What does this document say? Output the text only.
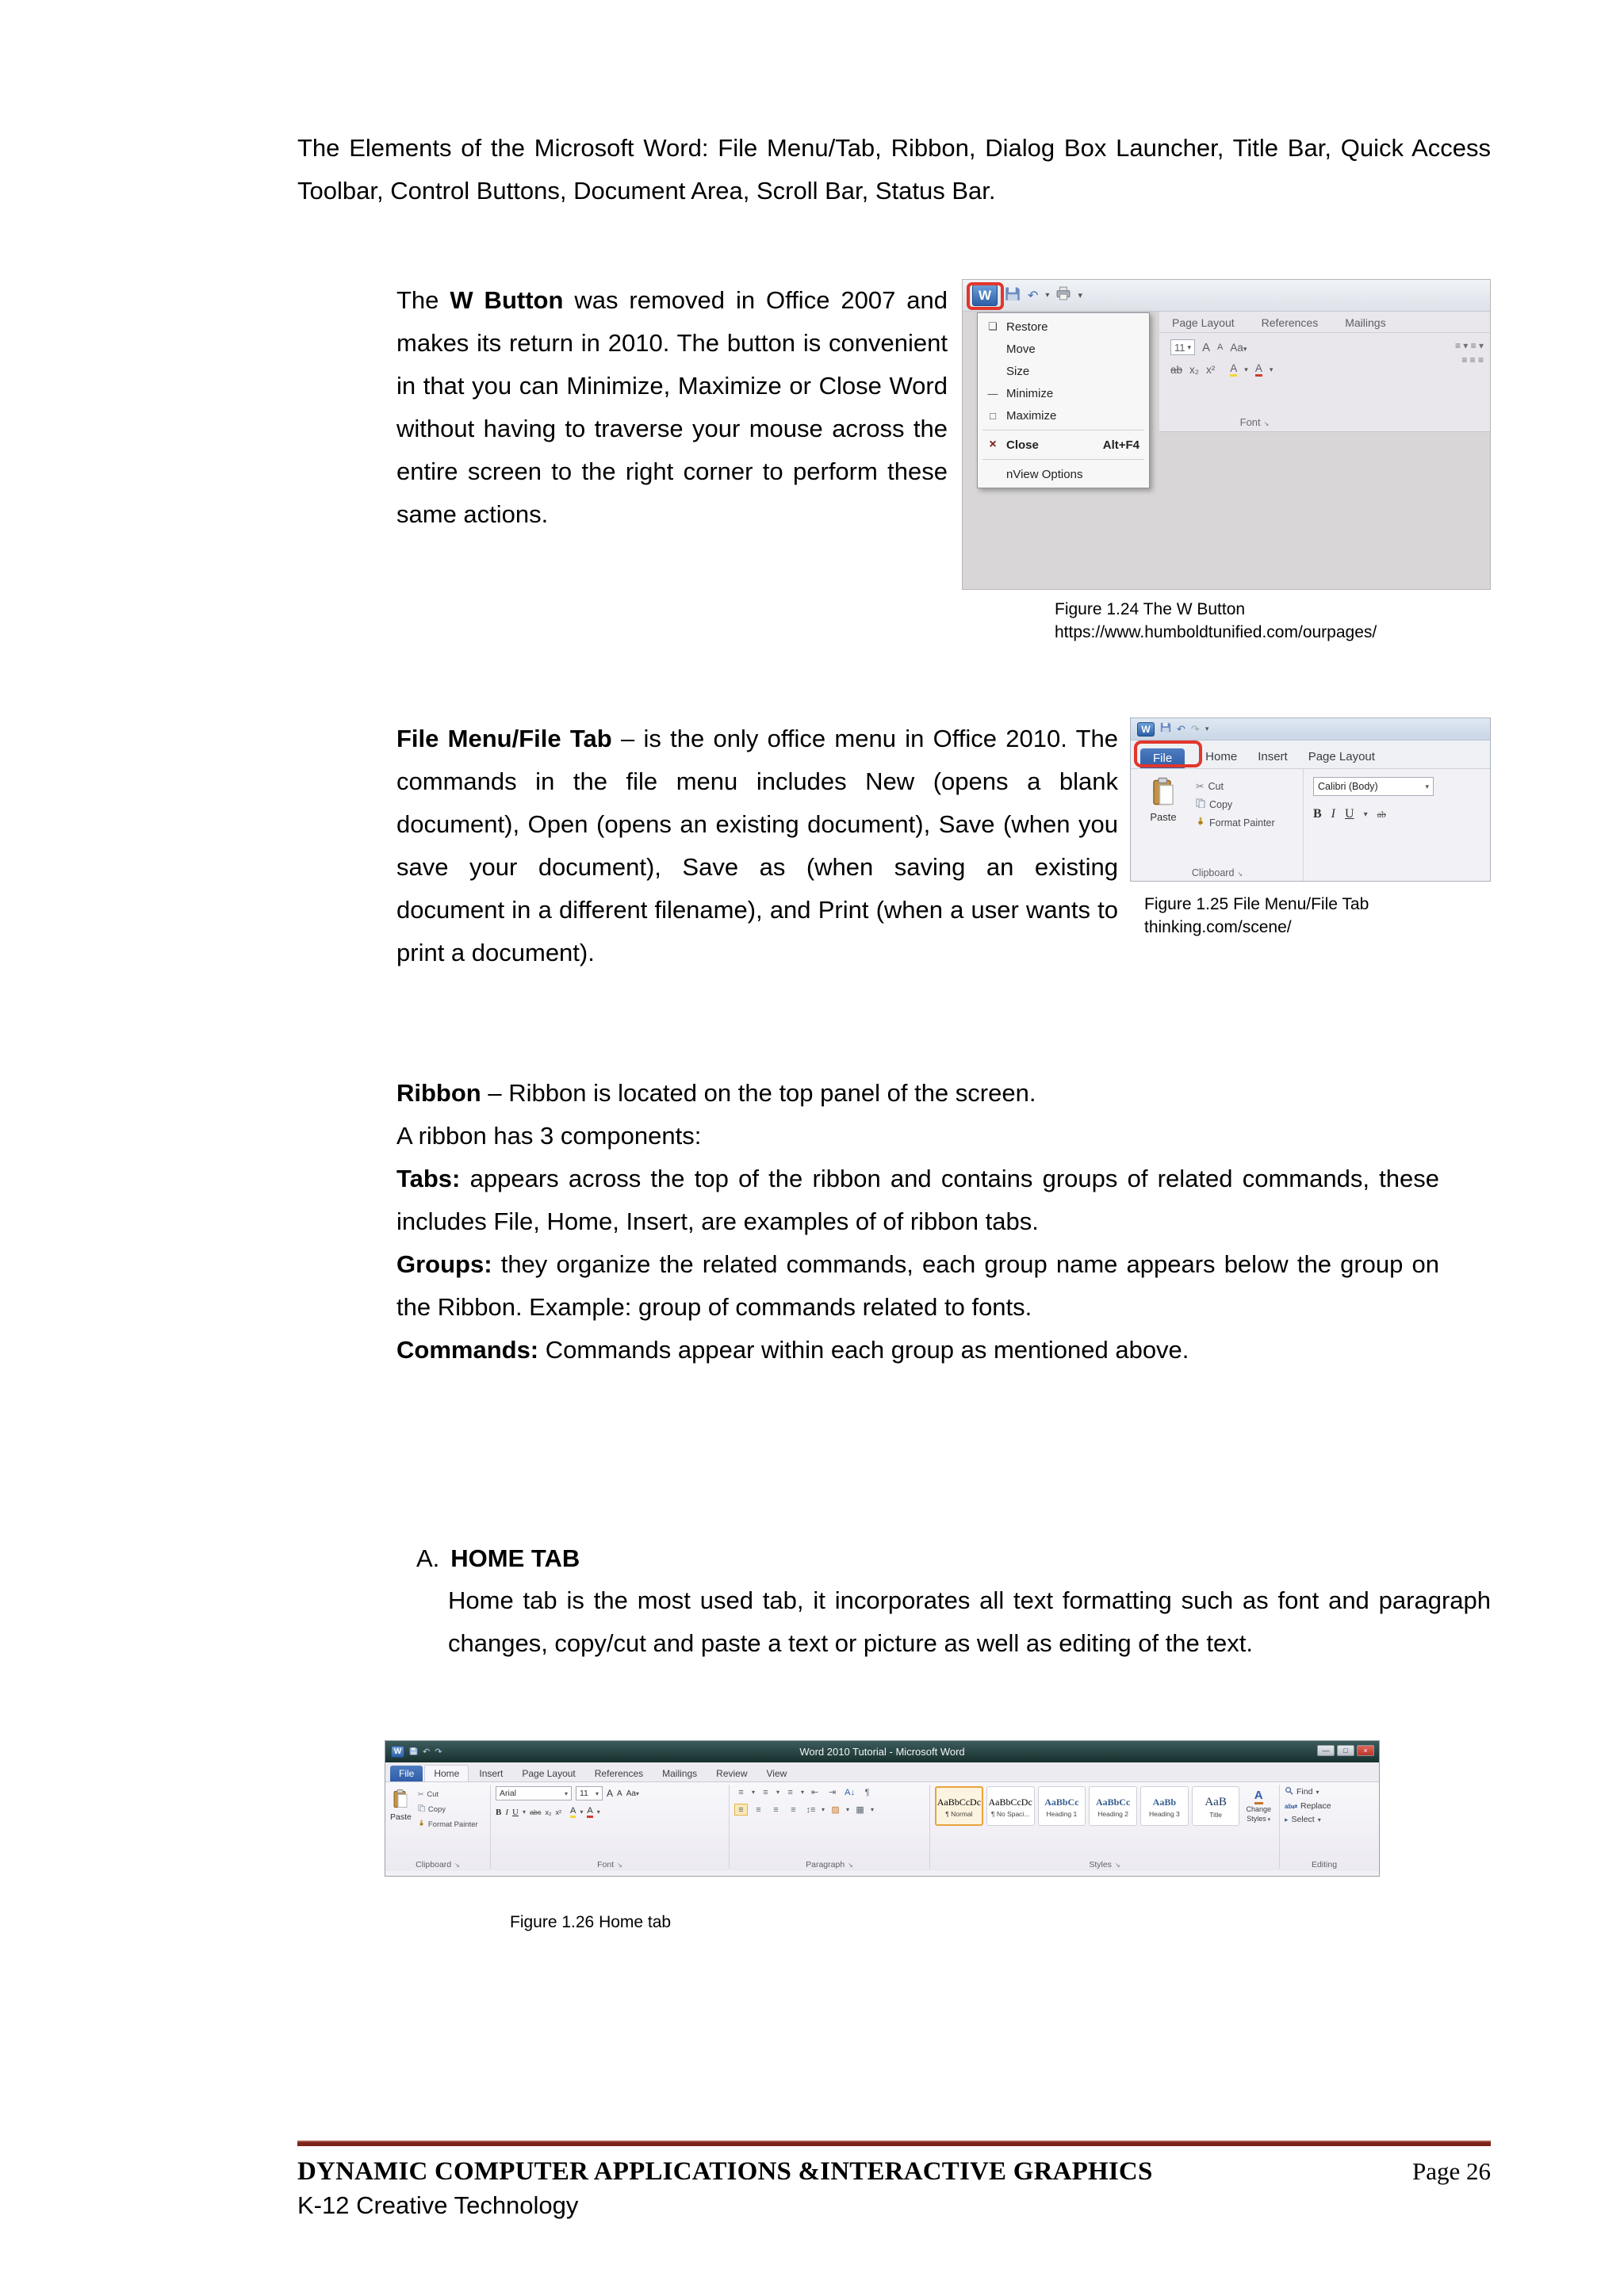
The Elements of the Microsoft Word: File Menu/Tab, Ribbon, Dialog Box Launcher, Title Bar, Quick Access Toolbar, Control Buttons, Document Area, Scroll Bar, Status Bar.

The W Button was removed in Office 2007 and makes its return in 2010. The button is convenient in that you can Minimize, Maximize or Close Word without having to traverse your mouse across the entire screen to the right corner to perform these same actions.

W	↶ ▾	▾
Page Layout References Mailings
11 ▾ A A Aa▾
ab x₂ x² A ▾ A ▾
Font ↘
≡ ▾ ≡ ▾
≡ ≡ ≡
❏ Restore
Move
Size
— Minimize
□ Maximize
× Close	Alt+F4
nView Options
Figure 1.24 The W Button
https://www.humboldtunified.com/ourpages/

File Menu/File Tab – is the only office menu in Office 2010. The commands in the file menu includes New (opens a blank document), Open (opens an existing document), Save (when you save your document), Save as (when saving an existing document in a different filename), and Print (when a user wants to print a document).

W	↶ ↷ ▾
File	Home Insert Page Layout
Paste
✂ Cut
Copy
Format Painter
Clipboard ↘
Calibri (Body)	▾
B I U ▾ ab
Figure 1.25 File Menu/File Tab
thinking.com/scene/

Ribbon – Ribbon is located on the top panel of the screen.

A ribbon has 3 components:

Tabs: appears across the top of the ribbon and contains groups of related commands, these includes File, Home, Insert, are examples of of ribbon tabs.

Groups: they organize the related commands, each group name appears below the group on the Ribbon. Example: group of commands related to fonts.

Commands: Commands appear within each group as mentioned above.

A. HOME TAB

Home tab is the most used tab, it incorporates all text formatting such as font and paragraph changes, copy/cut and paste a text or picture as well as editing of the text.

W	↶ ↷	Word 2010 Tutorial - Microsoft Word	—	□	×
File	Home	Insert	Page Layout	References	Mailings	Review	View
Paste
✂ Cut
Copy
Format Painter
Clipboard ↘
Arial	▾ 11 ▾ A A Aa▾
B I U ▾ abc x₂ x² A ▾ A ▾
Font ↘
≡	▾ ≡	▾ ≡	▾ ⇤	⇥ A↓	¶
≡	≡	≡	≡	↕≡ ▾ ▨	▾ ▦	▾
Paragraph ↘
AaBbCcDc
¶ Normal
AaBbCcDc
¶ No Spaci...
AaBbCc
Heading 1
AaBbCc
Heading 2
AaBb
Heading 3
AaB
Title
A
Change
Styles ▾
Styles ↘
Find ▾
ab⇄ Replace
▸ Select ▾
Editing
Figure 1.26 Home tab
DYNAMIC COMPUTER APPLICATIONS &INTERACTIVE GRAPHICS	Page 26
K-12 Creative Technology
